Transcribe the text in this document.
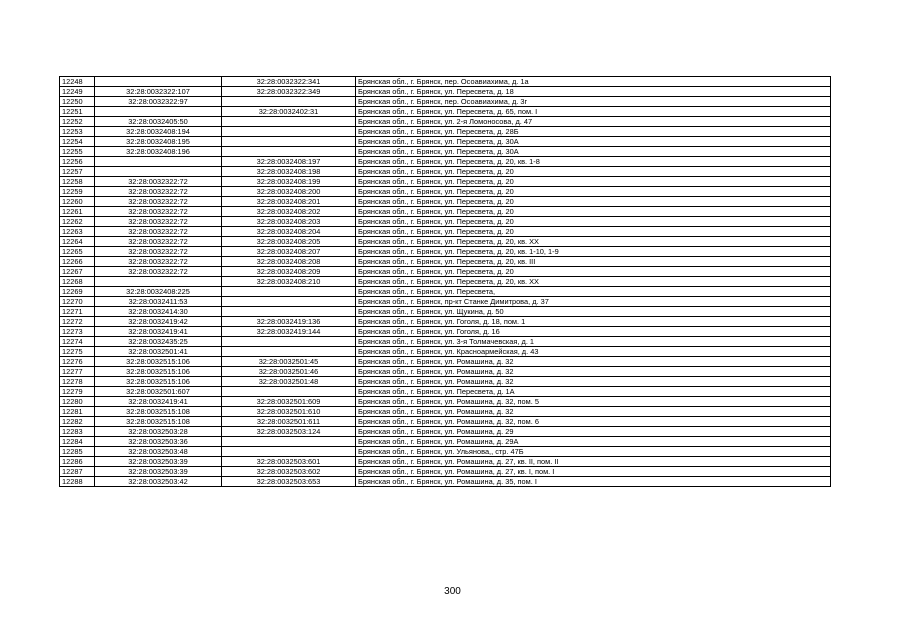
12248		32:28:0032322:341	Брянская обл., г. Брянск, пер. Осоавиахима, д. 1а
12249	32:28:0032322:107	32:28:0032322:349	Брянская обл., г. Брянск, ул. Пересвета, д. 18
12250	32:28:0032322:97		Брянская обл., г. Брянск, пер. Осоавиахима, д. 3г
12251		32:28:0032402:31	Брянская обл., г. Брянск, ул. Пересвета, д. 65, пом. I
12252	32:28:0032405:50		Брянская обл., г. Брянск, ул. 2-я Ломоносова, д. 47
12253	32:28:0032408:194		Брянская обл., г. Брянск, ул. Пересвета, д. 28Б
12254	32:28:0032408:195		Брянская обл., г. Брянск, ул. Пересвета, д. 30А
12255	32:28:0032408:196		Брянская обл., г. Брянск, ул. Пересвета, д. 30А
12256		32:28:0032408:197	Брянская обл., г. Брянск, ул. Пересвета, д. 20, кв. 1-8
12257		32:28:0032408:198	Брянская обл., г. Брянск, ул. Пересвета, д. 20
12258	32:28:0032322:72	32:28:0032408:199	Брянская обл., г. Брянск, ул. Пересвета, д. 20
12259	32:28:0032322:72	32:28:0032408:200	Брянская обл., г. Брянск, ул. Пересвета, д. 20
12260	32:28:0032322:72	32:28:0032408:201	Брянская обл., г. Брянск, ул. Пересвета, д. 20
12261	32:28:0032322:72	32:28:0032408:202	Брянская обл., г. Брянск, ул. Пересвета, д. 20
12262	32:28:0032322:72	32:28:0032408:203	Брянская обл., г. Брянск, ул. Пересвета, д. 20
12263	32:28:0032322:72	32:28:0032408:204	Брянская обл., г. Брянск, ул. Пересвета, д. 20
12264	32:28:0032322:72	32:28:0032408:205	Брянская обл., г. Брянск, ул. Пересвета, д. 20, кв. XX
12265	32:28:0032322:72	32:28:0032408:207	Брянская обл., г. Брянск, ул. Пересвета, д. 20, кв. 1-10, 1-9
12266	32:28:0032322:72	32:28:0032408:208	Брянская обл., г. Брянск, ул. Пересвета, д. 20, кв. III
12267	32:28:0032322:72	32:28:0032408:209	Брянская обл., г. Брянск, ул. Пересвета, д. 20
12268		32:28:0032408:210	Брянская обл., г. Брянск, ул. Пересвета, д. 20, кв. XX
12269	32:28:0032408:225		Брянская обл., г. Брянск, ул. Пересвета,
12270	32:28:0032411:53		Брянская обл., г. Брянск, пр-кт Станке Димитрова, д. 37
12271	32:28:0032414:30		Брянская обл., г. Брянск, ул. Щукина, д. 50
12272	32:28:0032419:42	32:28:0032419:136	Брянская обл., г. Брянск, ул. Гоголя, д. 18, пом. 1
12273	32:28:0032419:41	32:28:0032419:144	Брянская обл., г. Брянск, ул. Гоголя, д. 16
12274	32:28:0032435:25		Брянская обл., г. Брянск, ул. 3-я Толмачевская, д. 1
12275	32:28:0032501:41		Брянская обл., г. Брянск, ул. Красноармейская, д. 43
12276	32:28:0032515:106	32:28:0032501:45	Брянская обл., г. Брянск, ул. Ромашина, д. 32
12277	32:28:0032515:106	32:28:0032501:46	Брянская обл., г. Брянск, ул. Ромашина, д. 32
12278	32:28:0032515:106	32:28:0032501:48	Брянская обл., г. Брянск, ул. Ромашина, д. 32
12279	32:28:0032501:607		Брянская обл., г. Брянск, ул. Пересвета, д. 1А
12280	32:28:0032419:41	32:28:0032501:609	Брянская обл., г. Брянск, ул. Ромашина, д. 32, пом. 5
12281	32:28:0032515:108	32:28:0032501:610	Брянская обл., г. Брянск, ул. Ромашина, д. 32
12282	32:28:0032515:108	32:28:0032501:611	Брянская обл., г. Брянск, ул. Ромашина, д. 32, пом. 6
12283	32:28:0032503:28	32:28:0032503:124	Брянская обл., г. Брянск, ул. Ромашина, д. 29
12284	32:28:0032503:36		Брянская обл., г. Брянск, ул. Ромашина, д. 29А
12285	32:28:0032503:48		Брянская обл., г. Брянск, ул. Ульянова,, стр. 47Б
12286	32:28:0032503:39	32:28:0032503:601	Брянская обл., г. Брянск, ул. Ромашина, д. 27, кв. II, пом. II
12287	32:28:0032503:39	32:28:0032503:602	Брянская обл., г. Брянск, ул. Ромашина, д. 27, кв. I, пом. I
12288	32:28:0032503:42	32:28:0032503:653	Брянская обл., г. Брянск, ул. Ромашина, д. 35, пом. I
300
